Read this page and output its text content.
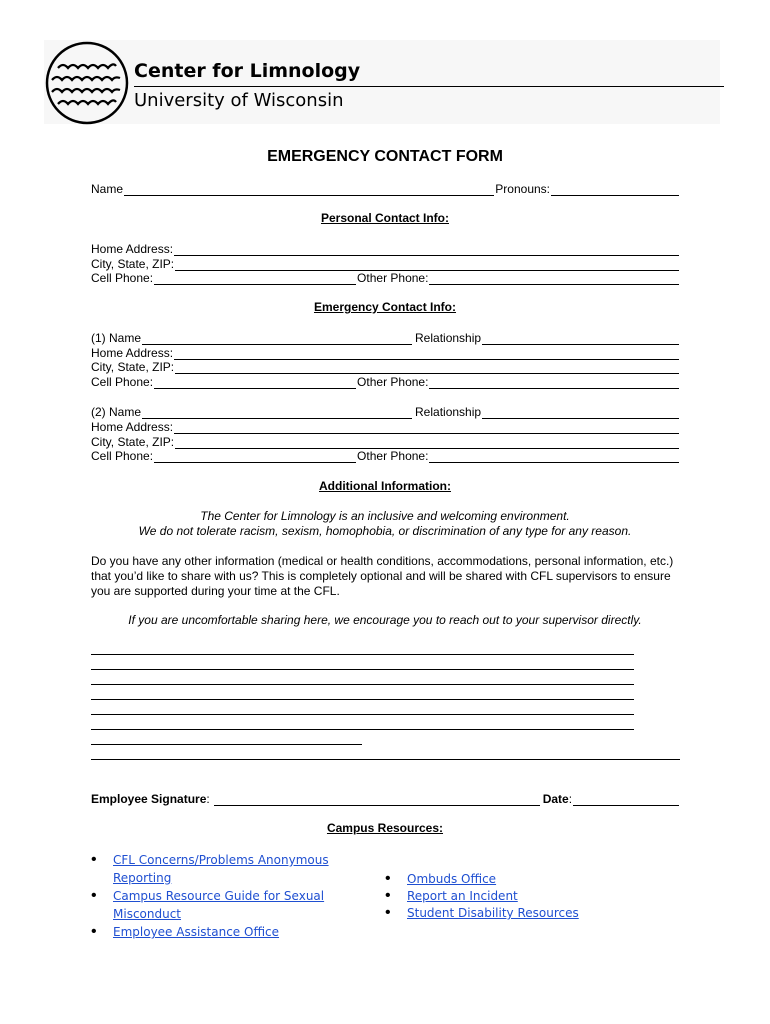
Center for Limnology
University of Wisconsin
EMERGENCY CONTACT FORM
Name	Pronouns:
Personal Contact Info:
Home Address:
City, State, ZIP:
Cell Phone:	Other Phone:
Emergency Contact Info:
(1) Name	Relationship
Home Address:
City, State, ZIP:
Cell Phone:	Other Phone:
(2) Name	Relationship
Home Address:
City, State, ZIP:
Cell Phone:	Other Phone:
Additional Information:
The Center for Limnology is an inclusive and welcoming environment.
We do not tolerate racism, sexism, homophobia, or discrimination of any type for any reason.
Do you have any other information (medical or health conditions, accommodations, personal information, etc.) that you’d like to share with us? This is completely optional and will be shared with CFL supervisors to ensure you are supported during your time at the CFL.
If you are uncomfortable sharing here, we encourage you to reach out to your supervisor directly.
Employee Signature :	Date :
Campus Resources:
• CFL Concerns/Problems Anonymous Reporting
• Campus Resource Guide for Sexual Misconduct
• Employee Assistance Office
• Ombuds Office
• Report an Incident
• Student Disability Resources
